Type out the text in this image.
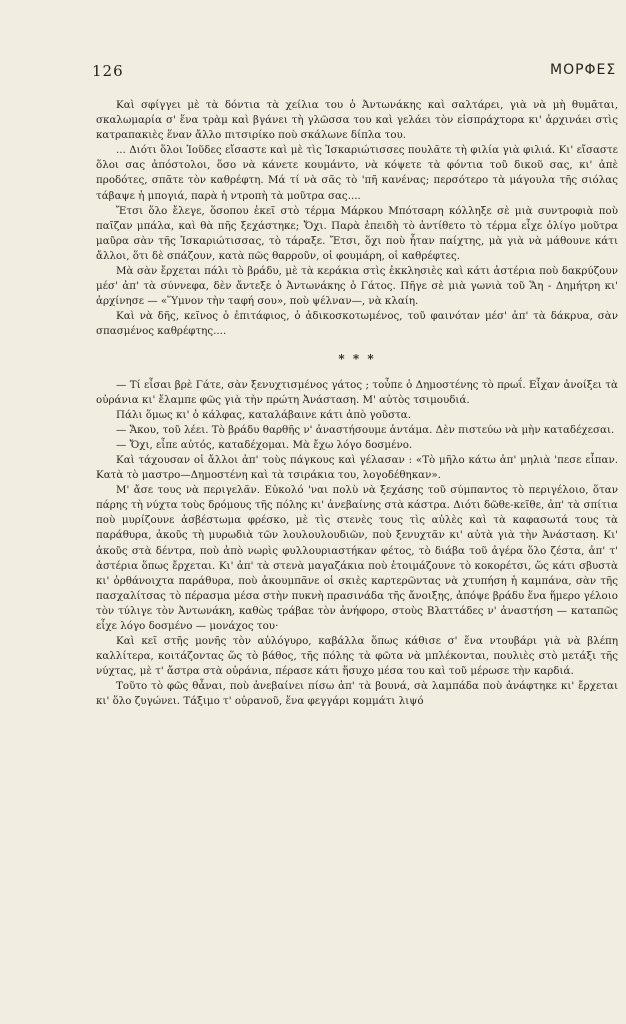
126	ΜΟΡΦΕΣ

Καὶ σφίγγει μὲ τὰ δόντια τὰ χείλια του ὁ Ἀντωνάκης καὶ σαλτάρει, γιὰ νὰ μὴ θυμᾶται, σκαλωμαρία σ' ἕνα τρὰμ καὶ βγάνει τὴ γλῶσσα του καὶ γελάει τὸν εἰσπράχτορα κι' ἀρχινάει στὶς κατραπακιὲς ἕναν ἄλλο πιτσιρίκο ποὺ σκάλωνε δίπλα του.

... Διότι ὅλοι Ἰοῦδες εἴσαστε καὶ μὲ τὶς Ἰσκαριώτισσες πουλᾶτε τὴ φιλία γιὰ φιλιά. Κι' εἴσαστε ὅλοι σας ἀπόστολοι, ὅσο νὰ κάνετε κουμάντο, νὰ κόψετε τὰ φόντια τοῦ δικοῦ σας, κι' ἀπὲ προδότες, σπᾶτε τὸν καθρέφτη. Μά τί νὰ σᾶς τὸ 'πῆ κανένας; περσότερο τὰ μάγουλα τῆς σιόλας τάβαψε ἡ μπογιά, παρὰ ἡ ντροπὴ τὰ μοῦτρα σας....

Ἔτσι ὅλο ἔλεγε, ὅσοπου ἐκεῖ στὸ τέρμα Μάρκου Μπότσαρη κόλληξε σὲ μιὰ συντροφιὰ ποὺ παῖζαν μπάλα, καὶ θὰ πῆς ξεχάστηκε; Ὄχι. Παρὰ ἐπειδὴ τὸ ἀντίθετο τὸ τέρμα εἶχε ὀλίγο μοῦτρα μαῦρα σὰν τῆς Ἰσκαριώτισσας, τὸ τάραξε. Ἔτσι, ὅχι ποὺ ἦταν παίχτης, μὰ γιὰ νὰ μάθουνε κάτι ἄλλοι, ὅτι δὲ σπάζουν, κατὰ πῶς θαρροῦν, οἱ φουμάρη, οἱ καθρέφτες.

Μὰ σὰν ἔρχεται πάλι τὸ βράδυ, μὲ τὰ κεράκια στὶς ἐκκλησιὲς καὶ κάτι ἀστέρια ποὺ δακρύζουν μέσ' ἀπ' τὰ σύννεφα, δὲν ἄντεξε ὁ Ἀντωνάκης ὁ Γάτος. Πῆγε σὲ μιὰ γωνιὰ τοῦ Ἅη - Δημήτρη κι' ἀρχίνησε — «Ὕμνον τὴν ταφή σου», ποὺ ψέλναν—, νὰ κλαίη.

Καὶ νὰ δῆς, κεῖνος ὁ ἐπιτάφιος, ὁ ἀδικοσκοτωμένος, τοῦ φαινόταν μέσ' ἀπ' τὰ δάκρυα, σὰν σπασμένος καθρέφτης....

* * *

— Τί εἶσαι βρὲ Γάτε, σὰν ξενυχτισμένος γάτος ; τοὖπε ὁ Δημοστένης τὸ πρωΐ. Εἶχαν ἀνοίξει τὰ οὐράνια κι' ἔλαμπε φῶς γιὰ τὴν πρώτη Ἀνάσταση. Μ' αὐτὸς τσιμουδιά.

Πάλι ὅμως κι' ὁ κάλφας, καταλάβαινε κάτι ἀπὸ γοῦστα.

— Ἄκου, τοῦ λέει. Τὸ βράδυ θαρθῆς ν' ἀναστήσουμε ἀντάμα. Δὲν πιστεύω νὰ μὴν καταδέχεσαι.

— Ὄχι, εἶπε αὐτός, καταδέχομαι. Μὰ ἔχω λόγο δοσμένο.

Καὶ τάχουσαν οἱ ἄλλοι ἀπ' τοὺς πάγκους καὶ γέλασαν : «Τὸ μῆλο κάτω ἀπ' μηλιὰ 'πεσε εἶπαν. Κατὰ τὸ μαστρο—Δημοστένη καὶ τὰ τσιράκια του, λογοδέθηκαν».

Μ' ἄσε τους νὰ περιγελᾶν. Εὐκολό 'ναι πολὺ νὰ ξεχάσης τοῦ σύμπαντος τὸ περιγέλοιο, ὅταν πάρης τὴ νύχτα τοὺς δρόμους τῆς πόλης κι' ἀνεβαίνης στὰ κάστρα. Διότι δῶθε-κεῖθε, ἀπ' τὰ σπίτια ποὺ μυρίζουνε ἀσβέστωμα φρέσκο, μὲ τὶς στενὲς τους τὶς αὐλὲς καὶ τὰ καφασωτά τους τὰ παράθυρα, ἀκοῦς τὴ μυρωδιὰ τῶν λουλουλουδιῶν, ποὺ ξενυχτᾶν κι' αὐτὰ γιὰ τὴν Ἀνάσταση. Κι' ἀκοῦς στὰ δέντρα, ποὺ ἀπὸ νωρὶς φυλλουριαστήκαν φέτος, τὸ διάβα τοῦ ἀγέρα ὅλο ζέστα, ἀπ' τ' ἀστέρια ὅπως ἔρχεται. Κι' ἀπ' τὰ στενὰ μαγαζάκια ποὺ ἑτοιμάζουνε τὸ κοκορέτσι, ὥς κάτι σβυστὰ κι' ὀρθάνοιχτα παράθυρα, ποὺ ἀκουμπᾶνε οἱ σκιὲς καρτερῶντας νὰ χτυπήση ἡ καμπάνα, σὰν τῆς πασχαλίτσας τὸ πέρασμα μέσα στὴν πυκνὴ πρασινάδα τῆς ἄνοιξης, ἀπόψε βράδυ ἕνα ἥμερο γέλοιο τὸν τύλιγε τὸν Ἀντωνάκη, καθὼς τράβαε τὸν ἀνήφορο, στοὺς Βλαττάδες ν' ἀναστήση — καταπῶς εἶχε λόγο δοσμένο — μονάχος του·

Καὶ κεῖ στῆς μονῆς τὸν αὐλόγυρο, καβάλλα ὅπως κάθισε σ' ἕνα ντουβάρι γιὰ νὰ βλέπη καλλίτερα, κοιτάζοντας ὥς τὸ βάθος, τῆς πόλης τὰ φῶτα νὰ μπλέκονται, πουλιὲς στὸ μετάξι τῆς νύχτας, μὲ τ' ἄστρα στὰ οὐράνια, πέρασε κάτι ἥσυχο μέσα του καὶ τοῦ μέρωσε τὴν καρδιά.

Τοῦτο τὸ φῶς θἆναι, ποὺ ἀνεβαίνει πίσω ἀπ' τὰ βουνά, σὰ λαμπάδα ποὺ ἀνάφτηκε κι' ἔρχεται κι' ὅλο ζυγώνει. Τάξιμο τ' οὐρανοῦ, ἕνα φεγγάρι κομμάτι λιψό
